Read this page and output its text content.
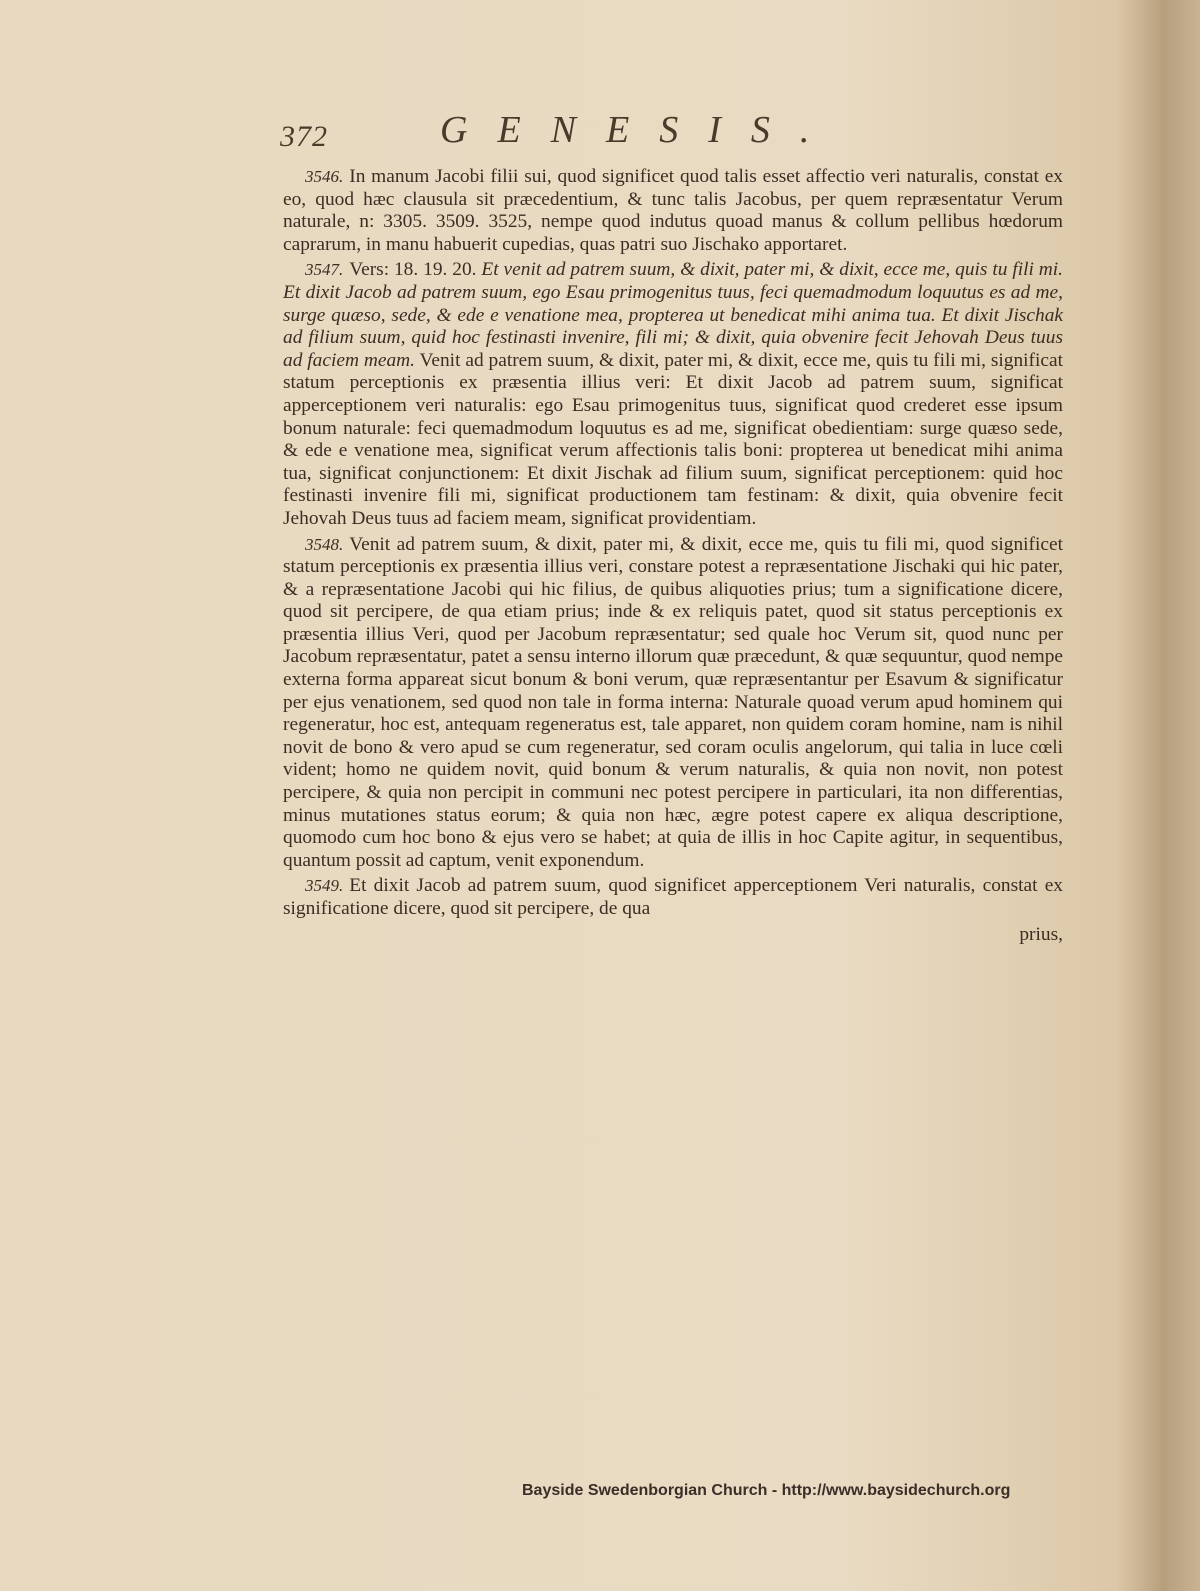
372	GENESIS.

3546. In manum Jacobi filii sui, quod significet quod talis esset affectio veri naturalis, constat ex eo, quod hæc clausula sit præcedentium, & tunc talis Jacobus, per quem repræsentatur Verum naturale, n: 3305. 3509. 3525, nempe quod indutus quoad manus & collum pellibus hœdorum caprarum, in manu habuerit cupedias, quas patri suo Jischako apportaret.

3547. Vers: 18. 19. 20. Et venit ad patrem suum, & dixit, pater mi, & dixit, ecce me, quis tu fili mi. Et dixit Jacob ad patrem suum, ego Esau primogenitus tuus, feci quemadmodum loquutus es ad me, surge quæso, sede, & ede e venatione mea, propterea ut benedicat mihi anima tua. Et dixit Jischak ad filium suum, quid hoc festinasti invenire, fili mi; & dixit, quia obvenire fecit Jehovah Deus tuus ad faciem meam. Venit ad patrem suum, & dixit, pater mi, & dixit, ecce me, quis tu fili mi, significat statum perceptionis ex præsentia illius veri: Et dixit Jacob ad patrem suum, significat apperceptionem veri naturalis: ego Esau primogenitus tuus, significat quod crederet esse ipsum bonum naturale: feci quemadmodum loquutus es ad me, significat obedientiam: surge quæso sede, & ede e venatione mea, significat verum affectionis talis boni: propterea ut benedicat mihi anima tua, significat conjunctionem: Et dixit Jischak ad filium suum, significat perceptionem: quid hoc festinasti invenire fili mi, significat productionem tam festinam: & dixit, quia obvenire fecit Jehovah Deus tuus ad faciem meam, significat providentiam.

3548. Venit ad patrem suum, & dixit, pater mi, & dixit, ecce me, quis tu fili mi, quod significet statum perceptionis ex præsentia illius veri, constare potest a repræsentatione Jischaki qui hic pater, & a repræsentatione Jacobi qui hic filius, de quibus aliquoties prius; tum a significatione dicere, quod sit percipere, de qua etiam prius; inde & ex reliquis patet, quod sit status perceptionis ex præsentia illius Veri, quod per Jacobum repræsentatur; sed quale hoc Verum sit, quod nunc per Jacobum repræsentatur, patet a sensu interno illorum quæ præcedunt, & quæ sequuntur, quod nempe externa forma appareat sicut bonum & boni verum, quæ repræsentantur per Esavum & significatur per ejus venationem, sed quod non tale in forma interna: Naturale quoad verum apud hominem qui regeneratur, hoc est, antequam regeneratus est, tale apparet, non quidem coram homine, nam is nihil novit de bono & vero apud se cum regeneratur, sed coram oculis angelorum, qui talia in luce cœli vident; homo ne quidem novit, quid bonum & verum naturalis, & quia non novit, non potest percipere, & quia non percipit in communi nec potest percipere in particulari, ita non differentias, minus mutationes status eorum; & quia non hæc, ægre potest capere ex aliqua descriptione, quomodo cum hoc bono & ejus vero se habet; at quia de illis in hoc Capite agitur, in sequentibus, quantum possit ad captum, venit exponendum.

3549. Et dixit Jacob ad patrem suum, quod significet apperceptionem Veri naturalis, constat ex significatione dicere, quod sit percipere, de qua

prius,

Bayside Swedenborgian Church - http://www.baysidechurch.org
